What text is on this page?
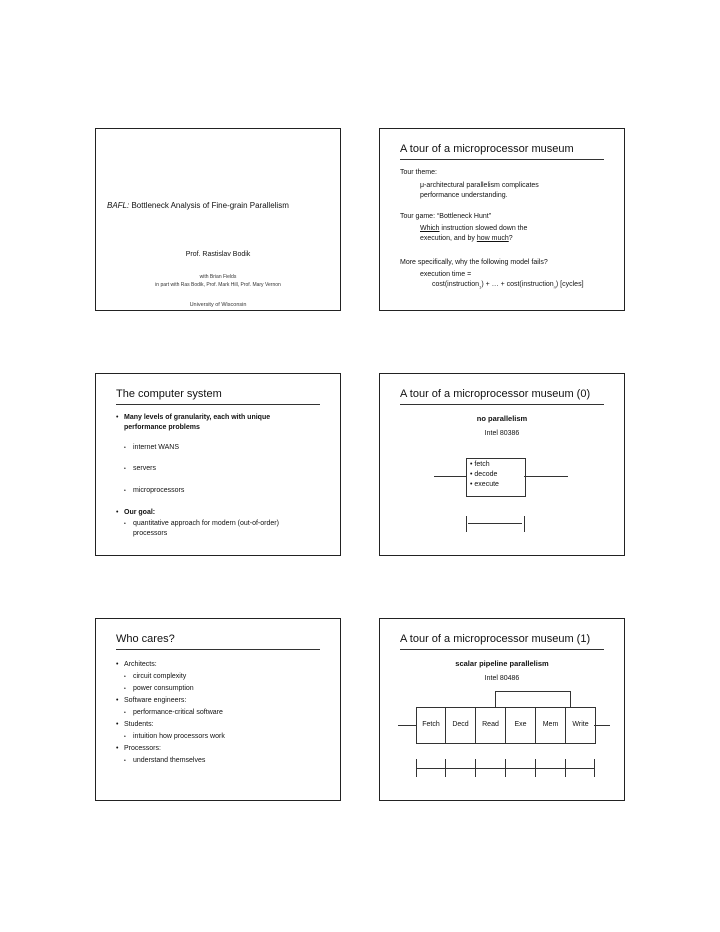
BAFL: Bottleneck Analysis of Fine-grain Parallelism
Prof. Rastislav Bodik
with Brian Fields
in part with Ras Bodik, Prof. Mark Hill, Prof. Mary Vernon
University of Wisconsin
A tour of a microprocessor museum
Tour theme:
μ-architectural parallelism complicates
performance understanding.
Tour game: “Bottleneck Hunt”
Which instruction slowed down the
execution, and by how much?
More specifically, why the following model fails?
execution time =
cost(instruction$_1$) + … + cost(instruction$_n$) [cycles]
The computer system
• Many levels of granularity, each with unique
performance problems
• internet WANS
• servers
• microprocessors
• Our goal:
• quantitative approach for modern (out-of-order)
processors
A tour of a microprocessor museum (0)
no parallelism
Intel 80386
• fetch
• decode
• execute
Who cares?
• Architects:
• circuit complexity
• power consumption
• Software engineers:
• performance-critical software
• Students:
• intuition how processors work
• Processors:
• understand themselves
A tour of a microprocessor museum (1)
scalar pipeline parallelism
Intel 80486
Fetch	Decd	Read	Exe	Mem	Write
